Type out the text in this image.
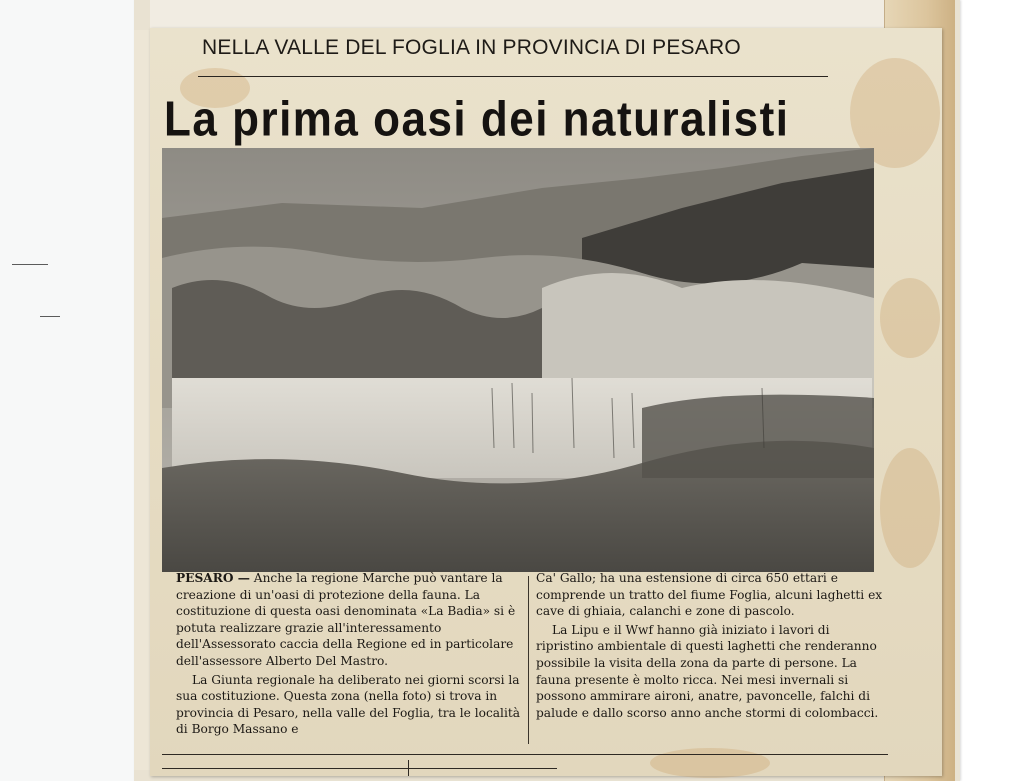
NELLA VALLE DEL FOGLIA IN PROVINCIA DI PESARO
La prima oasi dei naturalisti

PESARO — Anche la regione Marche può vantare la creazione di un'oasi di protezione della fauna. La costituzione di questa oasi denominata «La Badia» si è potuta realizzare grazie all'interessamento dell'Assessorato caccia della Regione ed in particolare dell'assessore Alberto Del Mastro.

La Giunta regionale ha deliberato nei giorni scorsi la sua costituzione. Questa zona (nella foto) si trova in provincia di Pesaro, nella valle del Foglia, tra le località di Borgo Massano e

Ca' Gallo; ha una estensione di circa 650 ettari e comprende un tratto del fiume Foglia, alcuni laghetti ex cave di ghiaia, calanchi e zone di pascolo.

La Lipu e il Wwf hanno già iniziato i lavori di ripristino ambientale di questi laghetti che renderanno possibile la visita della zona da parte di persone. La fauna presente è molto ricca. Nei mesi invernali si possono ammirare aironi, anatre, pavoncelle, falchi di palude e dallo scorso anno anche stormi di colombacci.
